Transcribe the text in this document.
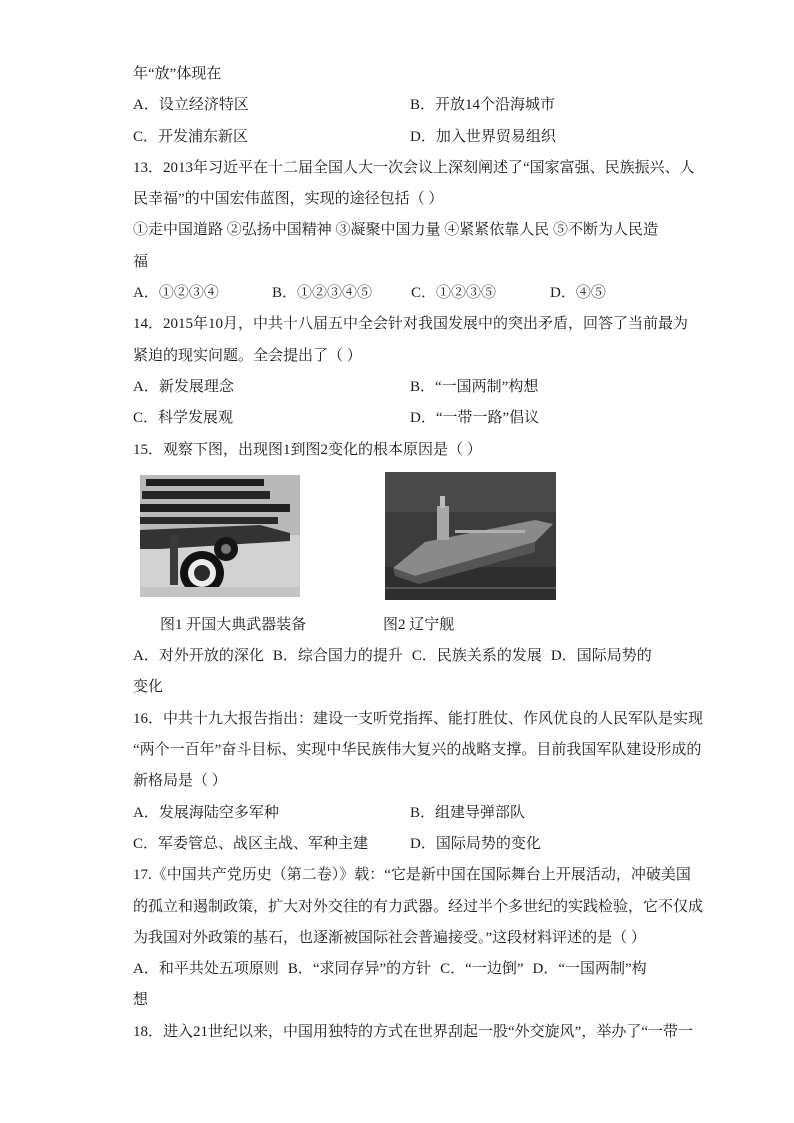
年“放”体现在
A．设立经济特区	B．开放14个沿海城市
C．开发浦东新区	D．加入世界贸易组织
13．2013年习近平在十二届全国人大一次会议上深刻阐述了“国家富强、民族振兴、人
民幸福”的中国宏伟蓝图，实现的途径包括（ ）
①走中国道路 ②弘扬中国精神 ③凝聚中国力量 ④紧紧依靠人民 ⑤不断为人民造
福
A．①②③④	B．①②③④⑤	C．①②③⑤	D．④⑤
14．2015年10月，中共十八届五中全会针对我国发展中的突出矛盾，回答了当前最为
紧迫的现实问题。全会提出了（ ）
A．新发展理念	B．“一国两制”构想
C．科学发展观	D．“一带一路”倡议
15．观察下图，出现图1到图2变化的根本原因是（ ）
图1 开国大典武器装备	图2 辽宁舰
A．对外开放的深化 B．综合国力的提升 C．民族关系的发展 D．国际局势的变化
16．中共十九大报告指出：建设一支听党指挥、能打胜仗、作风优良的人民军队是实现
“两个一百年”奋斗目标、实现中华民族伟大复兴的战略支撑。目前我国军队建设形成的
新格局是（ ）
A．发展海陆空多军种	B．组建导弹部队
C．军委管总、战区主战、军种主建	D．国际局势的变化
17.《中国共产党历史（第二卷）》载：“它是新中国在国际舞台上开展活动，冲破美国
的孤立和遏制政策，扩大对外交往的有力武器。经过半个多世纪的实践检验，它不仅成
为我国对外政策的基石，也逐渐被国际社会普遍接受。”这段材料评述的是（ ）
A．和平共处五项原则 B．“求同存异”的方针 C．“一边倒” D．“一国两制”构想
18．进入21世纪以来，中国用独特的方式在世界刮起一股“外交旋风”，举办了“一带一
